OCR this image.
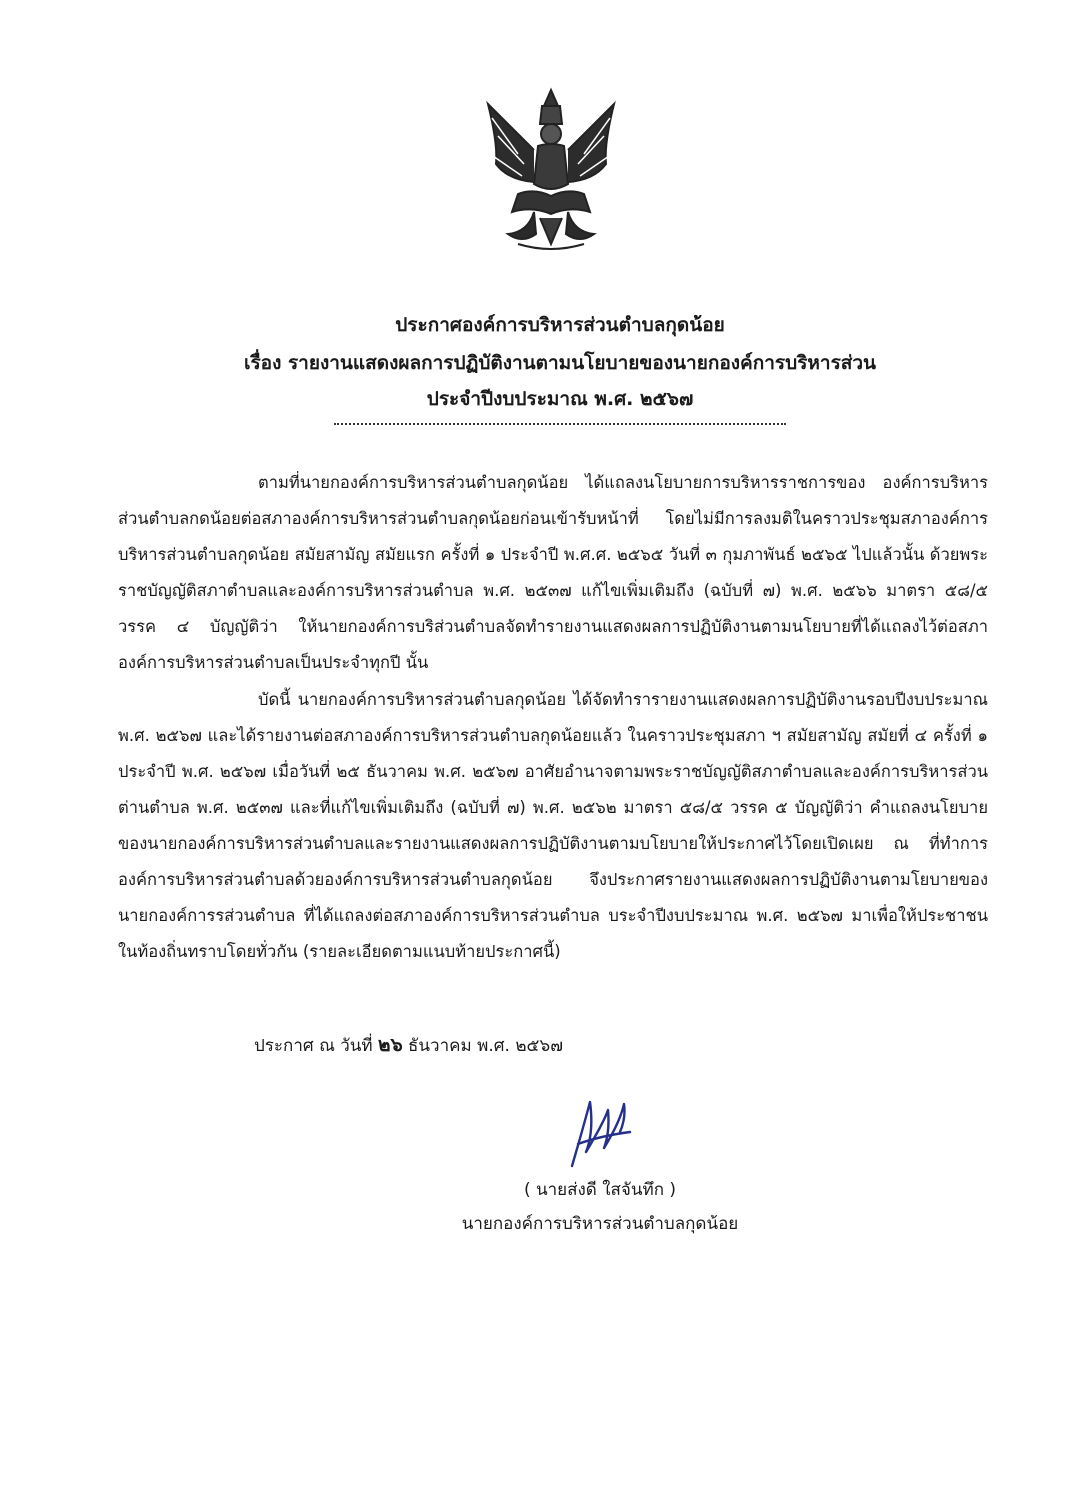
ประกาศองค์การบริหารส่วนตำบลกุดน้อย
เรื่อง รายงานแสดงผลการปฏิบัติงานตามนโยบายของนายกองค์การบริหารส่วน
ประจำปีงบประมาณ พ.ศ. ๒๕๖๗

ตามที่นายกองค์การบริหารส่วนตำบลกุดน้อย ได้แถลงนโยบายการบริหารราชการของ องค์การบริหารส่วนตำบลกดน้อยต่อสภาองค์การบริหารส่วนตำบลกุดน้อยก่อนเข้ารับหน้าที่ โดยไม่มีการลงมติในคราวประชุมสภาองค์การบริหารส่วนตำบลกุดน้อย สมัยสามัญ สมัยแรก ครั้งที่ ๑ ประจำปี พ.ศ.ศ. ๒๕๖๕ วันที่ ๓ กุมภาพันธ์ ๒๕๖๕ ไปแล้วนั้น ด้วยพระราชบัญญัติสภาตำบลและองค์การบริหารส่วนตำบล พ.ศ. ๒๕๓๗ แก้ไขเพิ่มเติมถึง (ฉบับที่ ๗) พ.ศ. ๒๕๖๖ มาตรา ๕๘/๕ วรรค ๔ บัญญัติว่า ให้นายกองค์การบริส่วนตำบลจัดทำรายงานแสดงผลการปฏิบัติงานตามนโยบายที่ได้แถลงไว้ต่อสภาองค์การบริหารส่วนตำบลเป็นประจำทุกปี นั้น

บัดนี้ นายกองค์การบริหารส่วนตำบลกุดน้อย ได้จัดทำรารายงานแสดงผลการปฏิบัติงานรอบปีงบประมาณ พ.ศ. ๒๕๖๗ และได้รายงานต่อสภาองค์การบริหารส่วนตำบลกุดน้อยแล้ว ในคราวประชุมสภา ฯ สมัยสามัญ สมัยที่ ๔ ครั้งที่ ๑ ประจำปี พ.ศ. ๒๕๖๗ เมื่อวันที่ ๒๕ ธันวาคม พ.ศ. ๒๕๖๗ อาศัยอำนาจตามพระราชบัญญัติสภาตำบลและองค์การบริหารส่วนต่านตำบล พ.ศ. ๒๕๓๗ และที่แก้ไขเพิ่มเติมถึง (ฉบับที่ ๗) พ.ศ. ๒๕๖๒ มาตรา ๕๘/๕ วรรค ๕ บัญญัติว่า คำแถลงนโยบายของนายกองค์การบริหารส่วนตำบลและรายงานแสดงผลการปฏิบัติงานตามบโยบายให้ประกาศไว้โดยเปิดเผย ณ ที่ทำการองค์การบริหารส่วนตำบลด้วยองค์การบริหารส่วนตำบลกุดน้อย จึงประกาศรายงานแสดงผลการปฏิบัติงานตามโยบายของนายกองค์การรส่วนตำบล ที่ได้แถลงต่อสภาองค์การบริหารส่วนตำบล บระจำปีงบประมาณ พ.ศ. ๒๕๖๗ มาเพื่อให้ประชาชนในท้องถิ่นทราบโดยทั่วกัน (รายละเอียดตามแนบท้ายประกาศนี้)

ประกาศ ณ วันที่ ๒๖ ธันวาคม พ.ศ. ๒๕๖๗
( นายส่งดี ใสจันทึก )
นายกองค์การบริหารส่วนตำบลกุดน้อย
